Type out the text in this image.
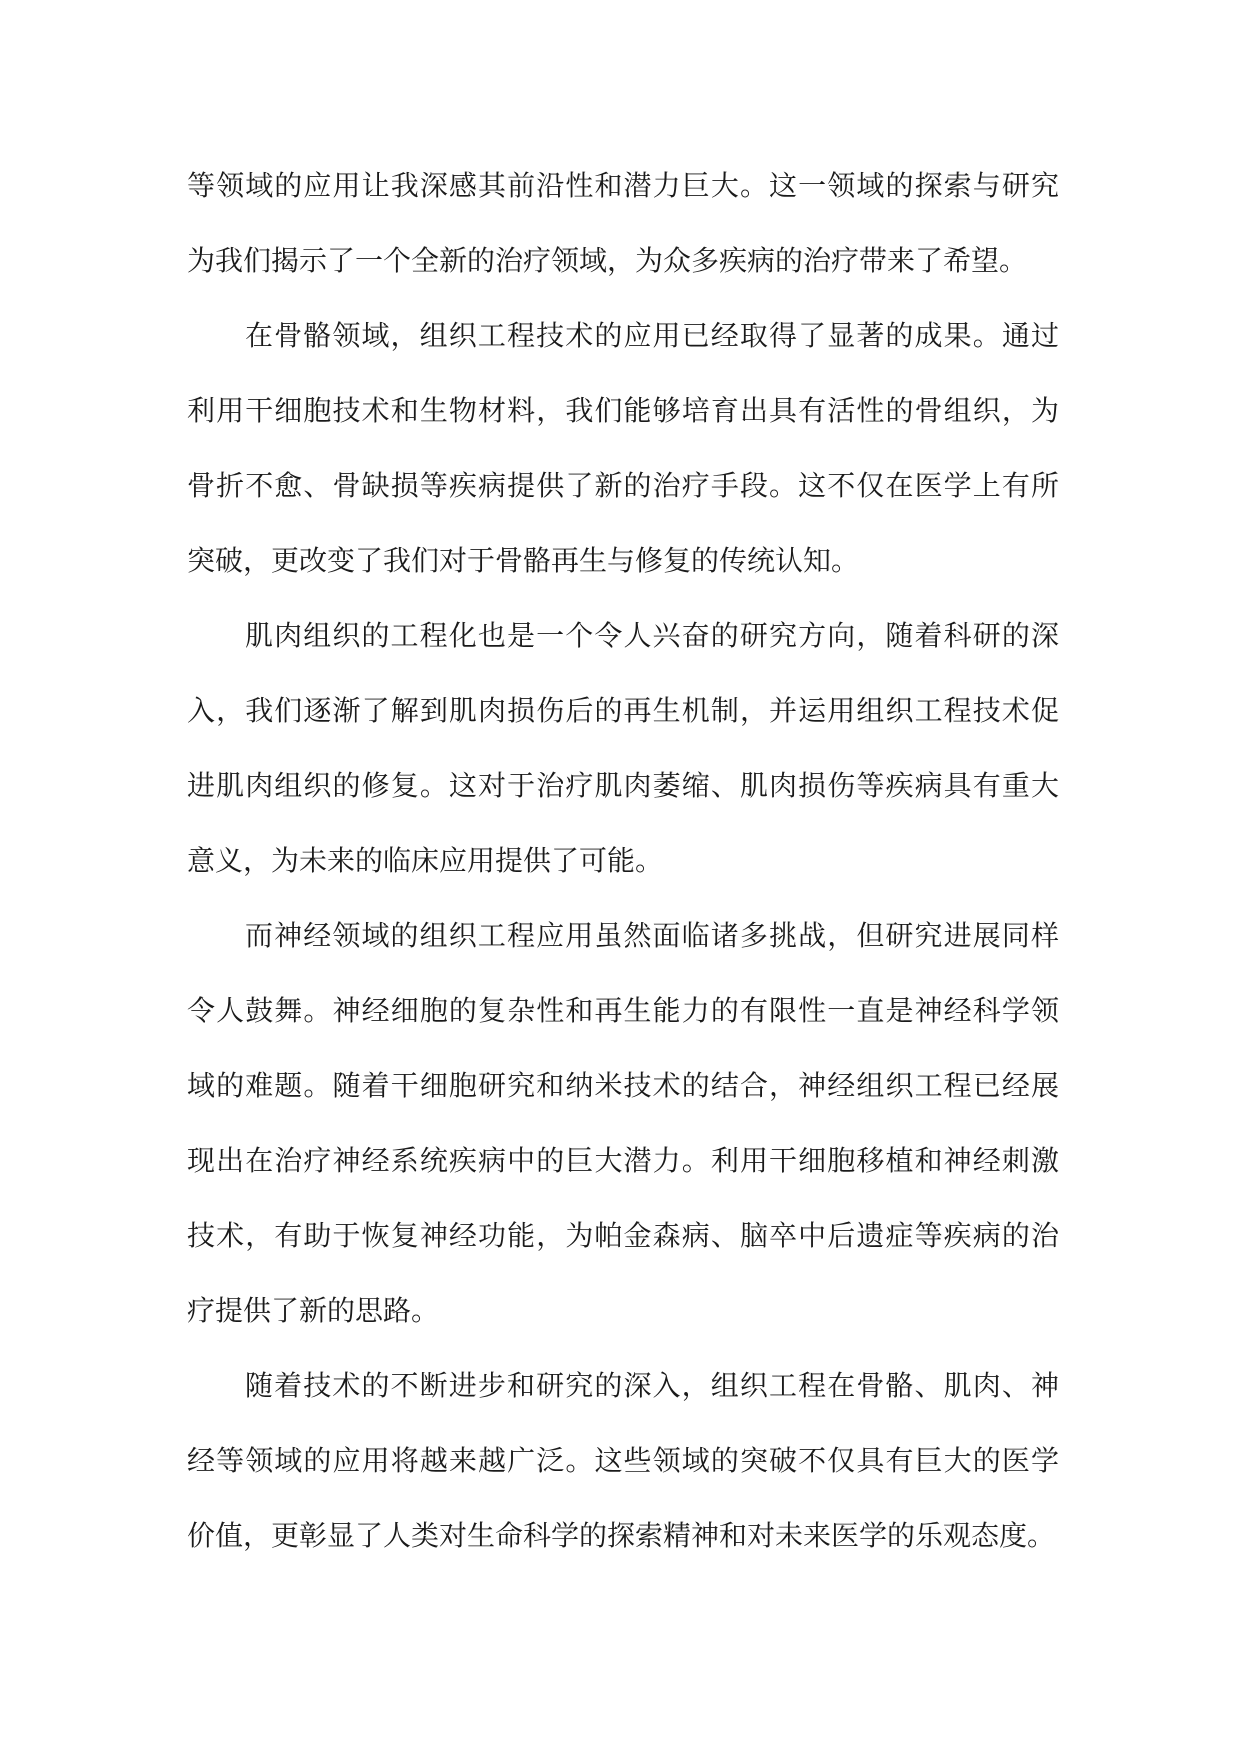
等领域的应用让我深感其前沿性和潜力巨大。这一领域的探索与研究
为我们揭示了一个全新的治疗领域，为众多疾病的治疗带来了希望。
在骨骼领域，组织工程技术的应用已经取得了显著的成果。通过
利用干细胞技术和生物材料，我们能够培育出具有活性的骨组织，为
骨折不愈、骨缺损等疾病提供了新的治疗手段。这不仅在医学上有所
突破，更改变了我们对于骨骼再生与修复的传统认知。
肌肉组织的工程化也是一个令人兴奋的研究方向，随着科研的深
入，我们逐渐了解到肌肉损伤后的再生机制，并运用组织工程技术促
进肌肉组织的修复。这对于治疗肌肉萎缩、肌肉损伤等疾病具有重大
意义，为未来的临床应用提供了可能。
而神经领域的组织工程应用虽然面临诸多挑战，但研究进展同样
令人鼓舞。神经细胞的复杂性和再生能力的有限性一直是神经科学领
域的难题。随着干细胞研究和纳米技术的结合，神经组织工程已经展
现出在治疗神经系统疾病中的巨大潜力。利用干细胞移植和神经刺激
技术，有助于恢复神经功能，为帕金森病、脑卒中后遗症等疾病的治
疗提供了新的思路。
随着技术的不断进步和研究的深入，组织工程在骨骼、肌肉、神
经等领域的应用将越来越广泛。这些领域的突破不仅具有巨大的医学
价值，更彰显了人类对生命科学的探索精神和对未来医学的乐观态度。
